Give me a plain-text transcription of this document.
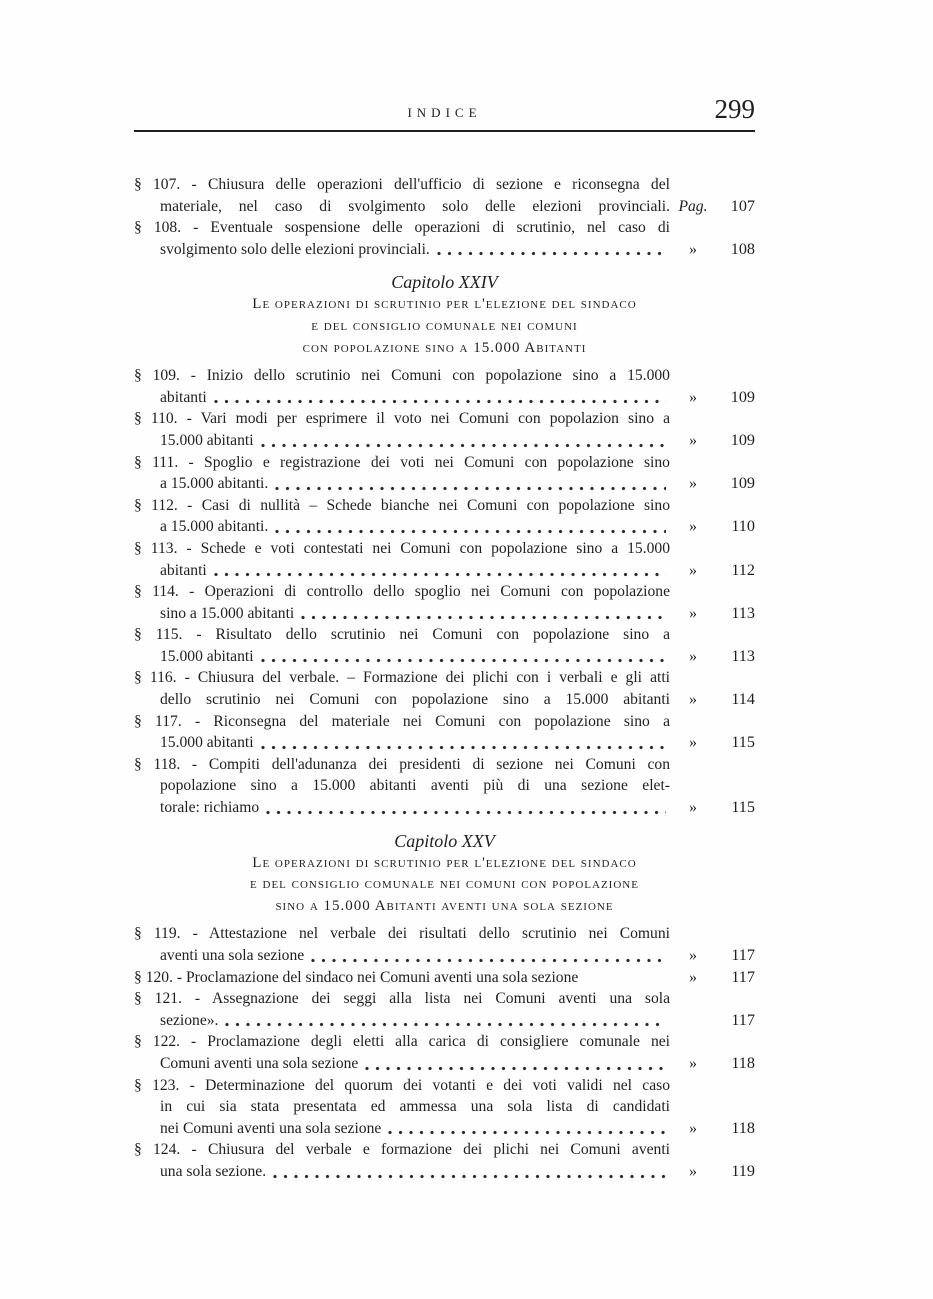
INDICE	299
§ 107. - Chiusura delle operazioni dell'ufficio di sezione e riconsegna del
materiale, nel caso di svolgimento solo delle elezioni provinciali. Pag.	107
§ 108. - Eventuale sospensione delle operazioni di scrutinio, nel caso di
svolgimento solo delle elezioni provinciali.	»	108
Capitolo XXIV
Le operazioni di scrutinio per l'elezione del sindaco
e del consiglio comunale nei comuni
con popolazione sino a 15.000 Abitanti
§ 109. - Inizio dello scrutinio nei Comuni con popolazione sino a 15.000
abitanti	»	109
§ 110. - Vari modi per esprimere il voto nei Comuni con popolazion sino a
15.000 abitanti	»	109
§ 111. - Spoglio e registrazione dei voti nei Comuni con popolazione sino
a 15.000 abitanti.	»	109
§ 112. - Casi di nullità – Schede bianche nei Comuni con popolazione sino
a 15.000 abitanti.	»	110
§ 113. - Schede e voti contestati nei Comuni con popolazione sino a 15.000
abitanti	»	112
§ 114. - Operazioni di controllo dello spoglio nei Comuni con popolazione
sino a 15.000 abitanti	»	113
§ 115. - Risultato dello scrutinio nei Comuni con popolazione sino a
15.000 abitanti	»	113
§ 116. - Chiusura del verbale. – Formazione dei plichi con i verbali e gli atti
dello scrutinio nei Comuni con popolazione sino a 15.000 abitanti	»	114
§ 117. - Riconsegna del materiale nei Comuni con popolazione sino a
15.000 abitanti	»	115
§ 118. - Compiti dell'adunanza dei presidenti di sezione nei Comuni con
popolazione sino a 15.000 abitanti aventi più di una sezione elet-
torale: richiamo	»	115
Capitolo XXV
Le operazioni di scrutinio per l'elezione del sindaco
e del consiglio comunale nei comuni con popolazione
sino a 15.000 Abitanti aventi una sola sezione
§ 119. - Attestazione nel verbale dei risultati dello scrutinio nei Comuni
aventi una sola sezione	»	117
§ 120. - Proclamazione del sindaco nei Comuni aventi una sola sezione	»	117
§ 121. - Assegnazione dei seggi alla lista nei Comuni aventi una sola
sezione».	117
§ 122. - Proclamazione degli eletti alla carica di consigliere comunale nei
Comuni aventi una sola sezione	»	118
§ 123. - Determinazione del quorum dei votanti e dei voti validi nel caso
in cui sia stata presentata ed ammessa una sola lista di candidati
nei Comuni aventi una sola sezione	»	118
§ 124. - Chiusura del verbale e formazione dei plichi nei Comuni aventi
una sola sezione.	»	119
